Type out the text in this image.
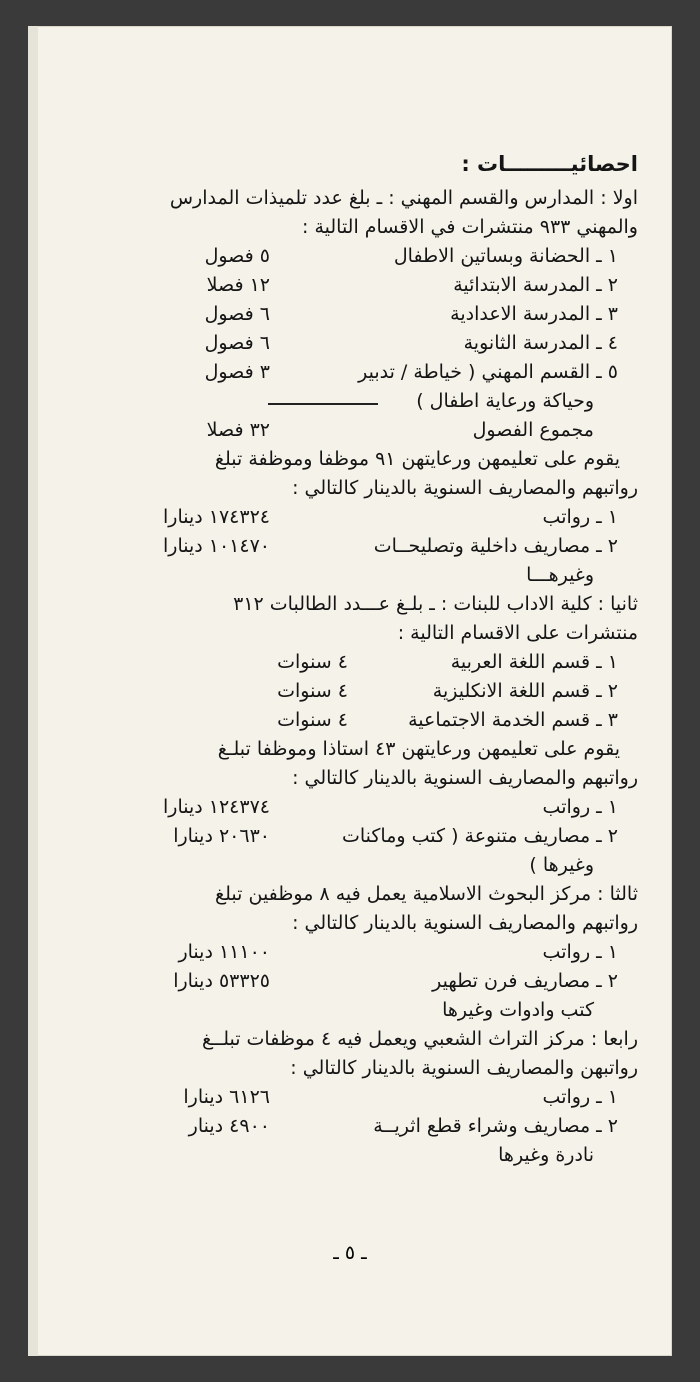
احصائيـــــــــات :
اولا : المدارس والقسم المهني : ـ بلغ عدد تلميذات المدارس
والمهني ٩٣٣ منتشرات في الاقسام التالية :
١ ـ الحضانة وبساتين الاطفال
٥ فصول
٢ ـ المدرسة الابتدائية
١٢ فصلا
٣ ـ المدرسة الاعدادية
٦ فصول
٤ ـ المدرسة الثانوية
٦ فصول
٥ ـ القسم المهني ( خياطة / تدبير
٣ فصول
وحياكة ورعاية اطفال )
مجموع الفصول
٣٢ فصلا
يقوم على تعليمهن ورعايتهن ٩١ موظفا وموظفة تبلغ
رواتبهم والمصاريف السنوية بالدينار كالتالي :
١ ـ رواتب
١٧٤٣٢٤ دينارا
٢ ـ مصاريف داخلية وتصليحــات
١٠١٤٧٠ دينارا
وغيرهـــا
ثانيا : كلية الاداب للبنات : ـ بلـغ عـــدد الطالبات ٣١٢
منتشرات على الاقسام التالية :
١ ـ قسم اللغة العربية
٤ سنوات
٢ ـ قسم اللغة الانكليزية
٤ سنوات
٣ ـ قسم الخدمة الاجتماعية
٤ سنوات
يقوم على تعليمهن ورعايتهن ٤٣ استاذا وموظفا تبلـغ
رواتبهم والمصاريف السنوية بالدينار كالتالي :
١ ـ رواتب
١٢٤٣٧٤ دينارا
٢ ـ مصاريف متنوعة ( كتب وماكنات
٢٠٦٣٠ دينارا
وغيرها )
ثالثا : مركز البحوث الاسلامية يعمل فيه ٨ موظفين تبلغ
رواتبهم والمصاريف السنوية بالدينار كالتالي :
١ ـ رواتب
١١١٠٠ دينار
٢ ـ مصاريف فرن تطهير
٥٣٣٢٥ دينارا
كتب وادوات وغيرها
رابعا : مركز التراث الشعبي ويعمل فيه ٤ موظفات تبلــغ
رواتبهن والمصاريف السنوية بالدينار كالتالي :
١ ـ رواتب
٦١٢٦ دينارا
٢ ـ مصاريف وشراء قطع اثريــة
٤٩٠٠ دينار
نادرة وغيرها
ـ ٥ ـ
